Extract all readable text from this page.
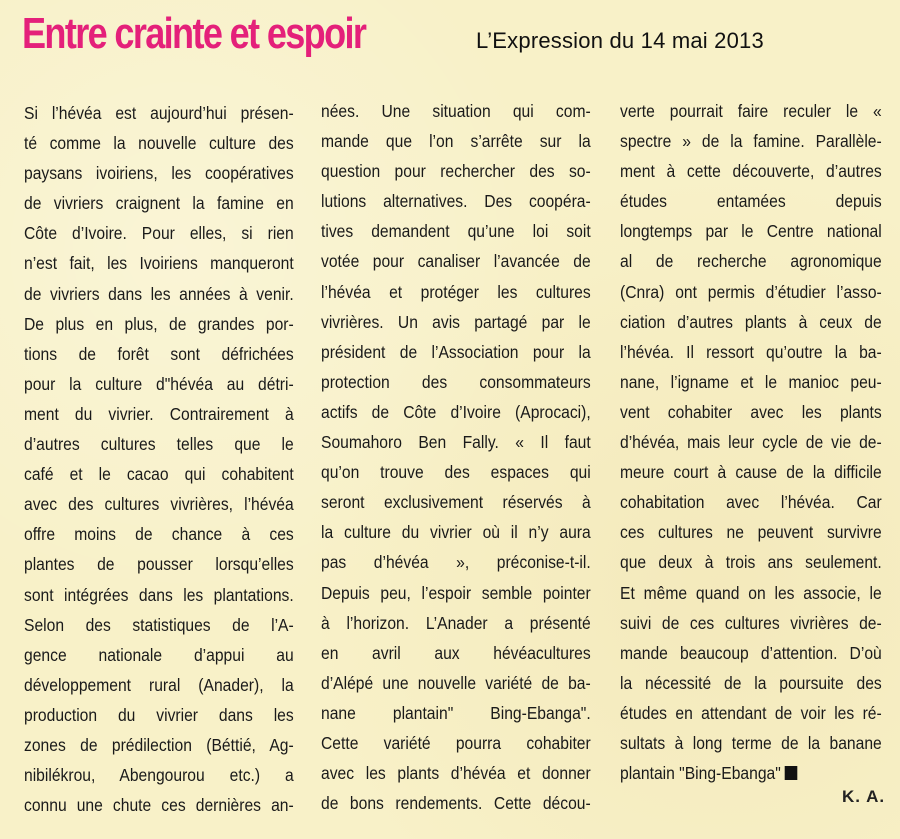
Entre crainte et espoir	L’Expression du 14 mai 2013
Si l’hévéa est aujourd’hui présen-
té comme la nouvelle culture des
paysans ivoiriens, les coopératives
de vivriers craignent la famine en
Côte d’Ivoire. Pour elles, si rien
n’est fait, les Ivoiriens manqueront
de vivriers dans les années à venir.
De plus en plus, de grandes por-
tions de forêt sont défrichées
pour la culture d"hévéa au détri-
ment du vivrier. Contrairement à
d’autres cultures telles que le
café et le cacao qui cohabitent
avec des cultures vivrières, l’hévéa
offre moins de chance à ces
plantes de pousser lorsqu’elles
sont intégrées dans les plantations.
Selon des statistiques de l’A-
gence nationale d’appui au
développement rural (Anader), la
production du vivrier dans les
zones de prédilection (Béttié, Ag-
nibilékrou, Abengourou etc.) a
connu une chute ces dernières an-
nées. Une situation qui com-
mande que l’on s’arrête sur la
question pour rechercher des so-
lutions alternatives. Des coopéra-
tives demandent qu’une loi soit
votée pour canaliser l’avancée de
l’hévéa et protéger les cultures
vivrières. Un avis partagé par le
président de l’Association pour la
protection des consommateurs
actifs de Côte d’Ivoire (Aprocaci),
Soumahoro Ben Fally. « Il faut
qu’on trouve des espaces qui
seront exclusivement réservés à
la culture du vivrier où il n’y aura
pas d’hévéa », préconise-t-il.
Depuis peu, l’espoir semble pointer
à l’horizon. L’Anader a présenté
en avril aux hévéacultures
d’Alépé une nouvelle variété de ba-
nane plantain" Bing-Ebanga".
Cette variété pourra cohabiter
avec les plants d’hévéa et donner
de bons rendements. Cette décou-
verte pourrait faire reculer le «
spectre » de la famine. Parallèle-
ment à cette découverte, d’autres
études entamées depuis
longtemps par le Centre national
al de recherche agronomique
(Cnra) ont permis d’étudier l’asso-
ciation d’autres plants à ceux de
l’hévéa. Il ressort qu’outre la ba-
nane, l’igname et le manioc peu-
vent cohabiter avec les plants
d’hévéa, mais leur cycle de vie de-
meure court à cause de la difficile
cohabitation avec l’hévéa. Car
ces cultures ne peuvent survivre
que deux à trois ans seulement.
Et même quand on les associe, le
suivi de ces cultures vivrières de-
mande beaucoup d’attention. D’où
la nécessité de la poursuite des
études en attendant de voir les ré-
sultats à long terme de la banane
plantain "Bing-Ebanga"
K. A.
